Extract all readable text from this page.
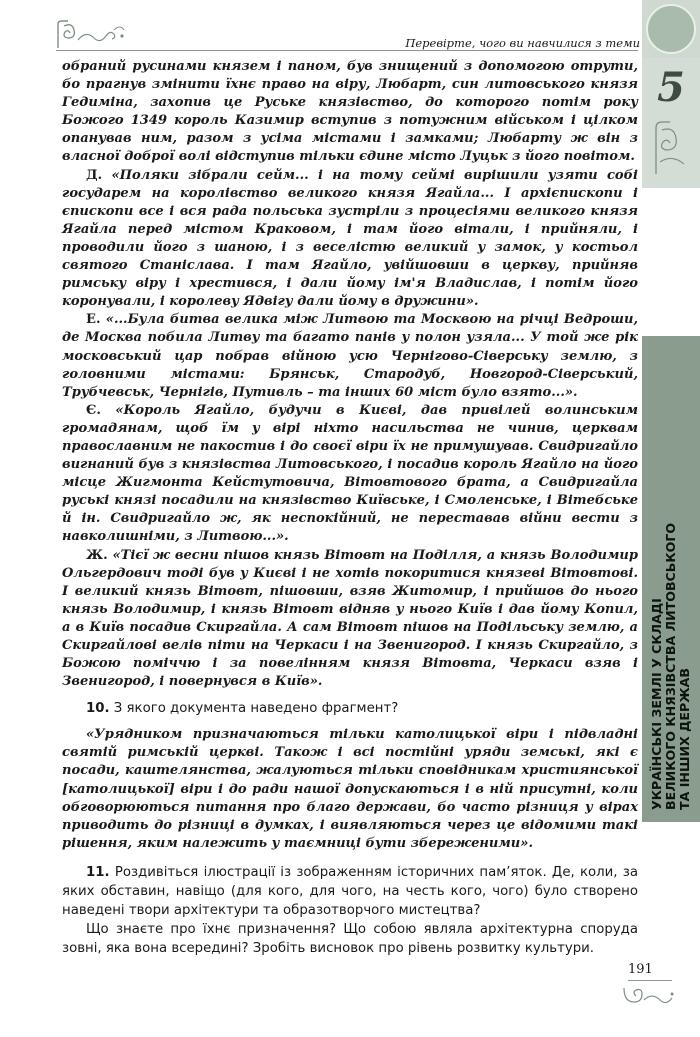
Перевірте, чого ви навчилися з теми
5
УКРАЇНСЬКІ ЗЕМЛІ У СКЛАДІ ВЕЛИКОГО КНЯЗІВСТВА ЛИТОВСЬКОГО ТА ІНШИХ ДЕРЖАВ

обраний русинами князем і паном, був знищений з допомогою отрути, бо прагнув змінити їхнє право на віру, Любарт, син литовського князя Гедиміна, захопив це Руське князівство, до которого потім року Божого 1349 король Казимир вступив з потужним військом і цілком опанував ним, разом з усіма містами і замками; Любарту ж він з власної доброї волі відступив тільки єдине місто Луцьк з його повітом.

Д. «Поляки зібрали сейм... і на тому сеймі вирішили узяти собі государем на королівство великого князя Ягайла... І архієпископи і єпископи все і вся рада польська зустріли з процесіями великого князя Ягайла перед містом Краковом, і там його вітали, і прийняли, і проводили його з шаною, і з веселістю великий у замок, у костьол святого Станіслава. І там Ягайло, увійшовши в церкву, прийняв римську віру і хрестився, і дали йому ім'я Владислав, і потім його коронували, і королеву Ядвігу дали йому в дружини».

Е. «...Була битва велика між Литвою та Москвою на річці Ведроши, де Москва побила Литву та багато панів у полон узяла... У той же рік московський цар побрав війною усю Чернігово-Сіверську землю, з головними містами: Брянськ, Стародуб, Новгород-Сіверський, Трубчевськ, Чернігів, Путивль – та інших 60 міст було взято...».

Є. «Король Ягайло, будучи в Києві, дав привілей волинським громадянам, щоб їм у вірі ніхто насильства не чинив, церквам православним не пакостив і до своєї віри їх не примушував. Свидригайло вигнаний був з князівства Литовського, і посадив король Ягайло на його місце Жигмонта Кейстутовича, Вітовтового брата, а Свидригайла руські князі посадили на князівство Київське, і Смоленське, і Вітебське й ін. Свидригайло ж, як неспокійний, не переставав війни вести з навколишніми, з Литвою...».

Ж. «Тієї ж весни пішов князь Вітовт на Поділля, а князь Володимир Ольгердович тоді був у Києві і не хотів покоритися князеві Вітовтові. І великий князь Вітовт, пішовши, взяв Житомир, і прийшов до нього князь Володимир, і князь Вітовт відняв у нього Київ і дав йому Копил, а в Київ посадив Скиргайла. А сам Вітовт пішов на Подільську землю, а Скиргайлові велів піти на Черкаси і на Звенигород. І князь Скиргайло, з Божою поміччю і за повелінням князя Вітовта, Черкаси взяв і Звенигород, і повернувся в Київ».

10. З якого документа наведено фрагмент?

«Урядником призначаються тільки католицької віри і підвладні святій римській церкві. Також і всі постійні уряди земські, які є посади, каштелянства, жалуються тільки сповідникам християнської [католицької] віри і до ради нашої допускаються і в ній присутні, коли обговорюються питання про благо держави, бо часто різниця у вірах приводить до різниці в думках, і виявляються через це відомими такі рішення, яким належить у таємниці бути збереженими».

11. Роздивіться ілюстрації із зображенням історичних пам’яток. Де, коли, за яких обставин, навіщо (для кого, для чого, на честь кого, чого) було створено наведені твори архітектури та образотворчого мистецтва?

Що знаєте про їхнє призначення? Що собою являла архітектурна споруда зовні, яка вона всередині? Зробіть висновок про рівень розвитку культури.

191
